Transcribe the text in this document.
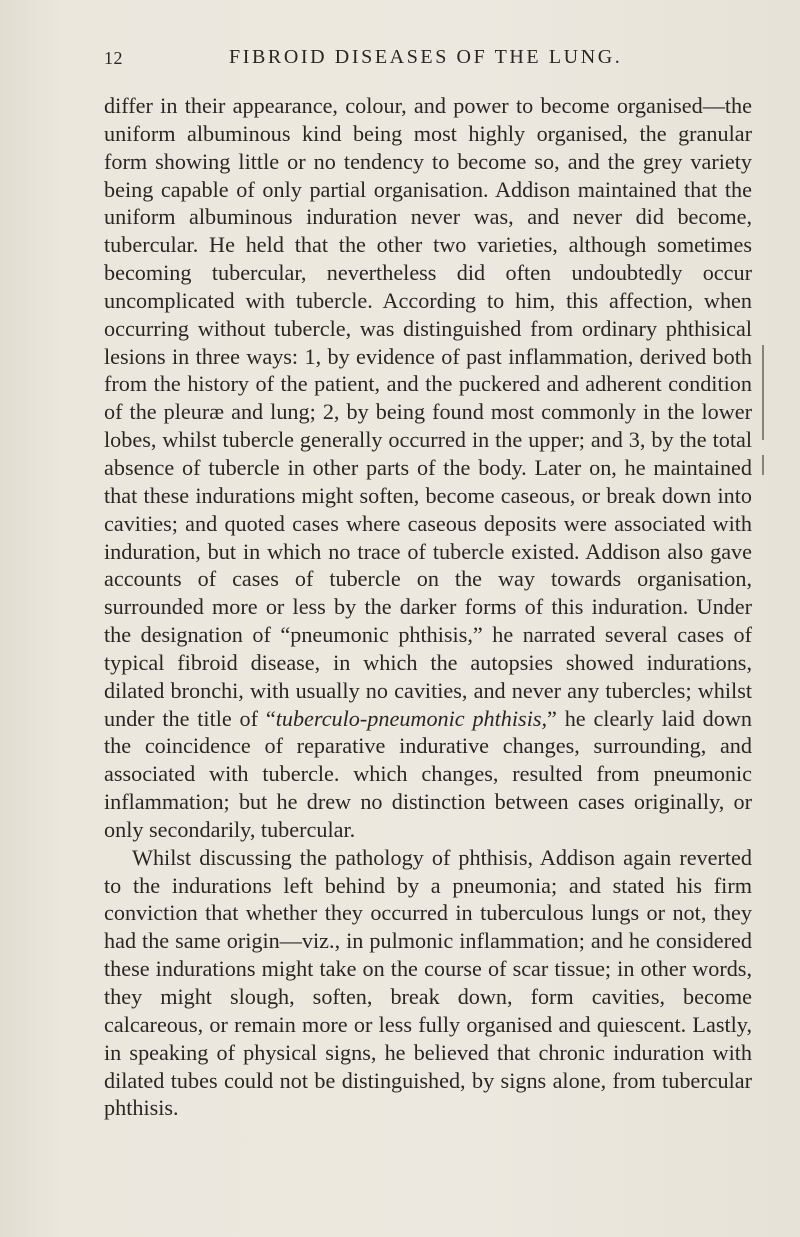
12	FIBROID DISEASES OF THE LUNG.

differ in their appearance, colour, and power to become organised—the uniform albuminous kind being most highly organised, the granular form showing little or no tendency to become so, and the grey variety being capable of only partial organisation. Addison maintained that the uniform albuminous induration never was, and never did become, tubercular. He held that the other two varieties, although sometimes becoming tubercular, nevertheless did often undoubtedly occur uncomplicated with tubercle. According to him, this affection, when occurring without tubercle, was distinguished from ordinary phthisical lesions in three ways: 1, by evidence of past inflammation, derived both from the history of the patient, and the puckered and adherent condition of the pleuræ and lung; 2, by being found most commonly in the lower lobes, whilst tubercle generally occurred in the upper; and 3, by the total absence of tubercle in other parts of the body. Later on, he maintained that these indurations might soften, become caseous, or break down into cavities; and quoted cases where caseous deposits were associated with induration, but in which no trace of tubercle existed. Addison also gave accounts of cases of tubercle on the way towards organisation, surrounded more or less by the darker forms of this induration. Under the designation of “pneumonic phthisis,” he narrated several cases of typical fibroid disease, in which the autopsies showed indurations, dilated bronchi, with usually no cavities, and never any tubercles; whilst under the title of “tuberculo-pneumonic phthisis,” he clearly laid down the coincidence of reparative indurative changes, surrounding, and associated with tubercle. which changes, resulted from pneumonic inflammation; but he drew no distinction between cases originally, or only secondarily, tubercular.

Whilst discussing the pathology of phthisis, Addison again reverted to the indurations left behind by a pneumonia; and stated his firm conviction that whether they occurred in tuberculous lungs or not, they had the same origin—viz., in pulmonic inflammation; and he considered these indurations might take on the course of scar tissue; in other words, they might slough, soften, break down, form cavities, become calcareous, or remain more or less fully organised and quiescent. Lastly, in speaking of physical signs, he believed that chronic induration with dilated tubes could not be distinguished, by signs alone, from tubercular phthisis.
